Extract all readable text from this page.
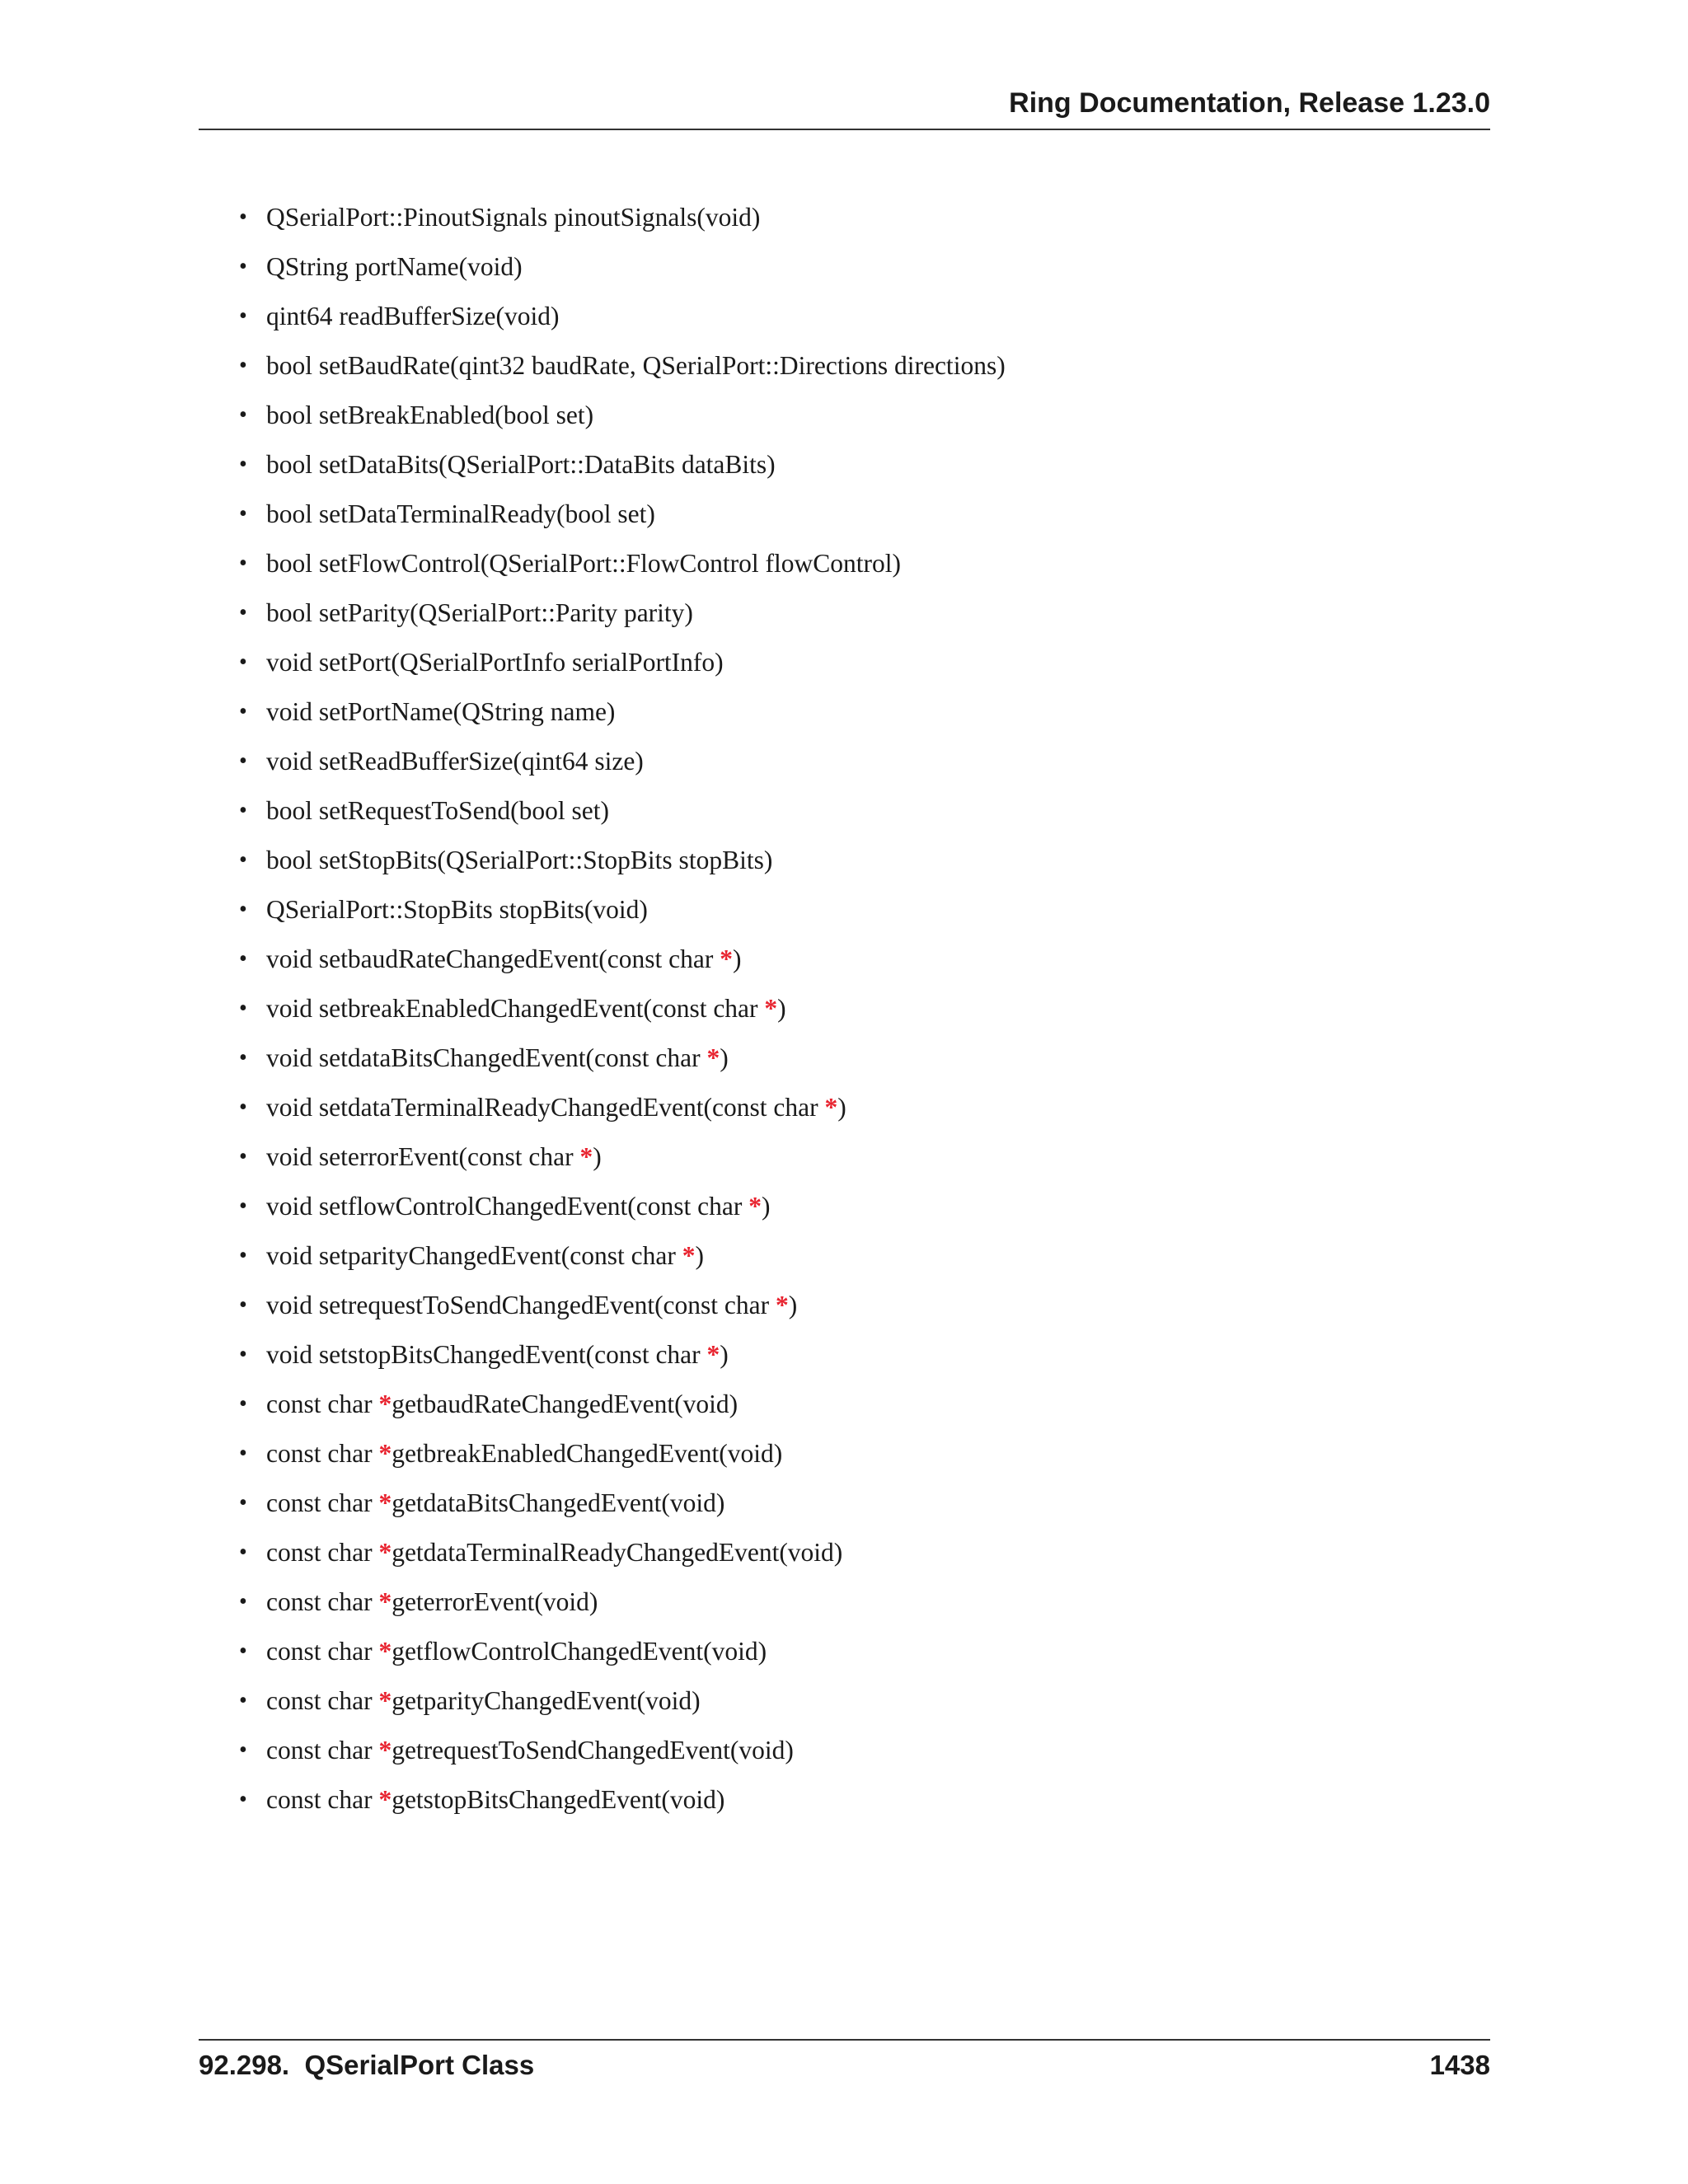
Ring Documentation, Release 1.23.0
• QSerialPort::PinoutSignals pinoutSignals(void)
• QString portName(void)
• qint64 readBufferSize(void)
• bool setBaudRate(qint32 baudRate, QSerialPort::Directions directions)
• bool setBreakEnabled(bool set)
• bool setDataBits(QSerialPort::DataBits dataBits)
• bool setDataTerminalReady(bool set)
• bool setFlowControl(QSerialPort::FlowControl flowControl)
• bool setParity(QSerialPort::Parity parity)
• void setPort(QSerialPortInfo serialPortInfo)
• void setPortName(QString name)
• void setReadBufferSize(qint64 size)
• bool setRequestToSend(bool set)
• bool setStopBits(QSerialPort::StopBits stopBits)
• QSerialPort::StopBits stopBits(void)
• void setbaudRateChangedEvent(const char *)
• void setbreakEnabledChangedEvent(const char *)
• void setdataBitsChangedEvent(const char *)
• void setdataTerminalReadyChangedEvent(const char *)
• void seterrorEvent(const char *)
• void setflowControlChangedEvent(const char *)
• void setparityChangedEvent(const char *)
• void setrequestToSendChangedEvent(const char *)
• void setstopBitsChangedEvent(const char *)
• const char *getbaudRateChangedEvent(void)
• const char *getbreakEnabledChangedEvent(void)
• const char *getdataBitsChangedEvent(void)
• const char *getdataTerminalReadyChangedEvent(void)
• const char *geterrorEvent(void)
• const char *getflowControlChangedEvent(void)
• const char *getparityChangedEvent(void)
• const char *getrequestToSendChangedEvent(void)
• const char *getstopBitsChangedEvent(void)
92.298.  QSerialPort Class	1438
